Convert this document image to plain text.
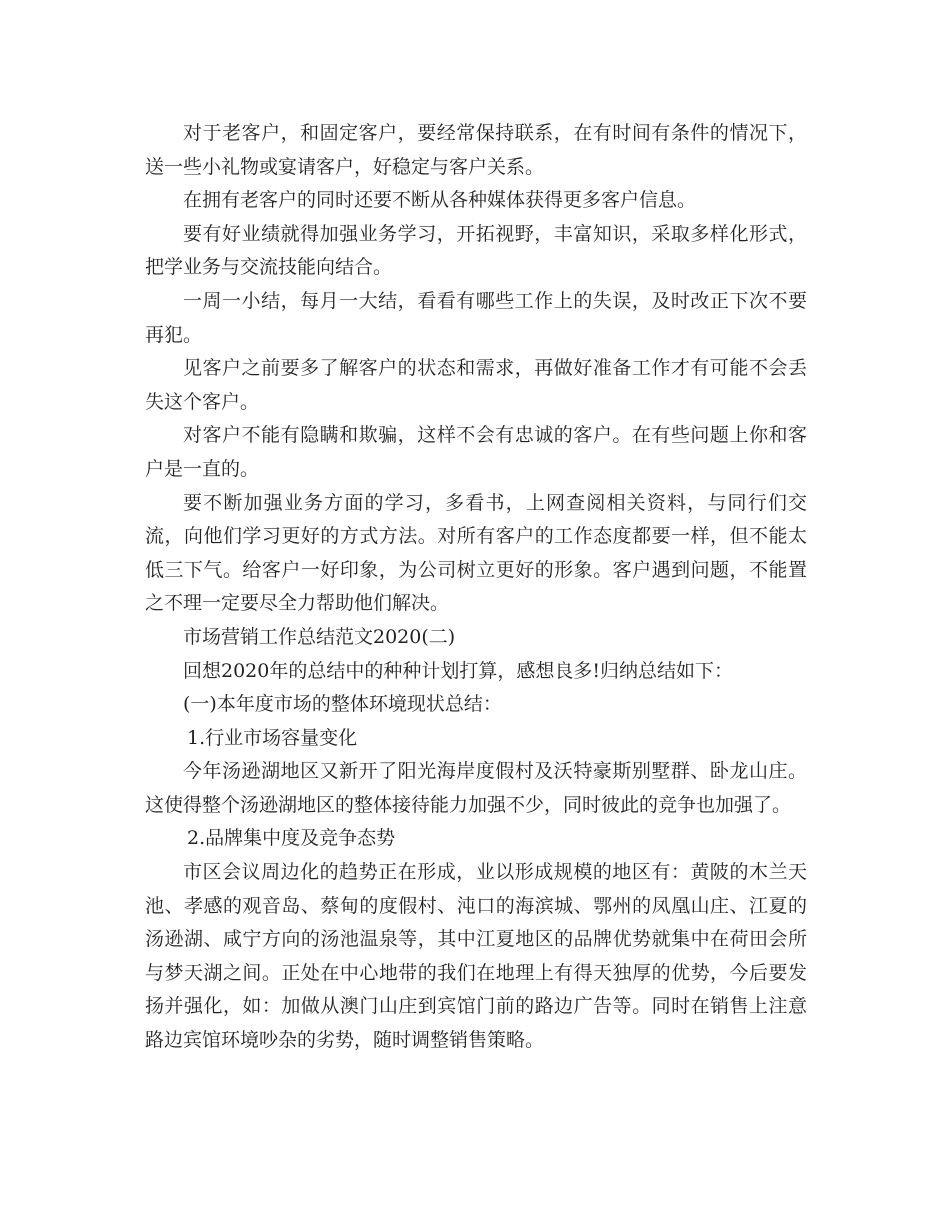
对于老客户，和固定客户，要经常保持联系，在有时间有条件的情况下，送一些小礼物或宴请客户，好稳定与客户关系。

在拥有老客户的同时还要不断从各种媒体获得更多客户信息。

要有好业绩就得加强业务学习，开拓视野，丰富知识，采取多样化形式，把学业务与交流技能向结合。

一周一小结，每月一大结，看看有哪些工作上的失误，及时改正下次不要再犯。

见客户之前要多了解客户的状态和需求，再做好准备工作才有可能不会丢失这个客户。

对客户不能有隐瞒和欺骗，这样不会有忠诚的客户。在有些问题上你和客户是一直的。

要不断加强业务方面的学习，多看书，上网查阅相关资料，与同行们交流，向他们学习更好的方式方法。对所有客户的工作态度都要一样，但不能太低三下气。给客户一好印象，为公司树立更好的形象。客户遇到问题，不能置之不理一定要尽全力帮助他们解决。

市场营销工作总结范文2020(二)

回想2020年的总结中的种种计划打算，感想良多!归纳总结如下：

(一)本年度市场的整体环境现状总结：

1.行业市场容量变化

今年汤逊湖地区又新开了阳光海岸度假村及沃特豪斯别墅群、卧龙山庄。这使得整个汤逊湖地区的整体接待能力加强不少，同时彼此的竞争也加强了。

2.品牌集中度及竞争态势

市区会议周边化的趋势正在形成，业以形成规模的地区有：黄陂的木兰天池、孝感的观音岛、蔡甸的度假村、沌口的海滨城、鄂州的凤凰山庄、江夏的汤逊湖、咸宁方向的汤池温泉等，其中江夏地区的品牌优势就集中在荷田会所与梦天湖之间。正处在中心地带的我们在地理上有得天独厚的优势，今后要发扬并强化，如：加做从澳门山庄到宾馆门前的路边广告等。同时在销售上注意路边宾馆环境吵杂的劣势，随时调整销售策略。
